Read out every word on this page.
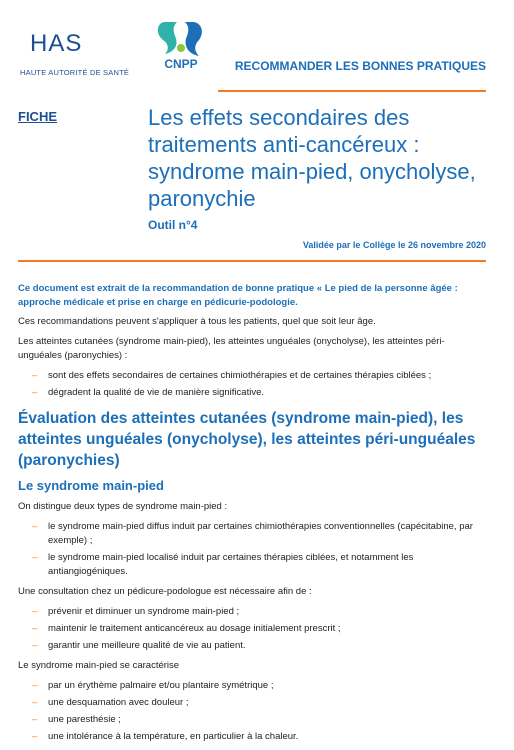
HAS
HAUTE AUTORITÉ DE SANTÉ
CNPP	RECOMMANDER LES BONNES PRATIQUES
FICHE	Les effets secondaires des traitements anti-cancéreux : syndrome main-pied, onycholyse, paronychie
Outil n°4
Validée par le Collège le 26 novembre 2020

Ce document est extrait de la recommandation de bonne pratique « Le pied de la personne âgée : approche médicale et prise en charge en pédicurie-podologie.

Ces recommandations peuvent s'appliquer à tous les patients, quel que soit leur âge.

Les atteintes cutanées (syndrome main-pied), les atteintes unguéales (onycholyse), les atteintes péri-unguéales (paronychies) :

– sont des effets secondaires de certaines chimiothérapies et de certaines thérapies ciblées ;
– dégradent la qualité de vie de manière significative.
Évaluation des atteintes cutanées (syndrome main-pied), les atteintes unguéales (onycholyse), les atteintes péri-unguéales (paronychies)
Le syndrome main-pied

On distingue deux types de syndrome main-pied :

– le syndrome main-pied diffus induit par certaines chimiothérapies conventionnelles (capécitabine, par exemple) ;
– le syndrome main-pied localisé induit par certaines thérapies ciblées, et notamment les antiangiogéniques.

Une consultation chez un pédicure-podologue est nécessaire afin de :

– prévenir et diminuer un syndrome main-pied ;
– maintenir le traitement anticancéreux au dosage initialement prescrit ;
– garantir une meilleure qualité de vie au patient.

Le syndrome main-pied se caractérise

– par un érythème palmaire et/ou plantaire symétrique ;
– une desquamation avec douleur ;
– une paresthésie ;
– une intolérance à la température, en particulier à la chaleur.
